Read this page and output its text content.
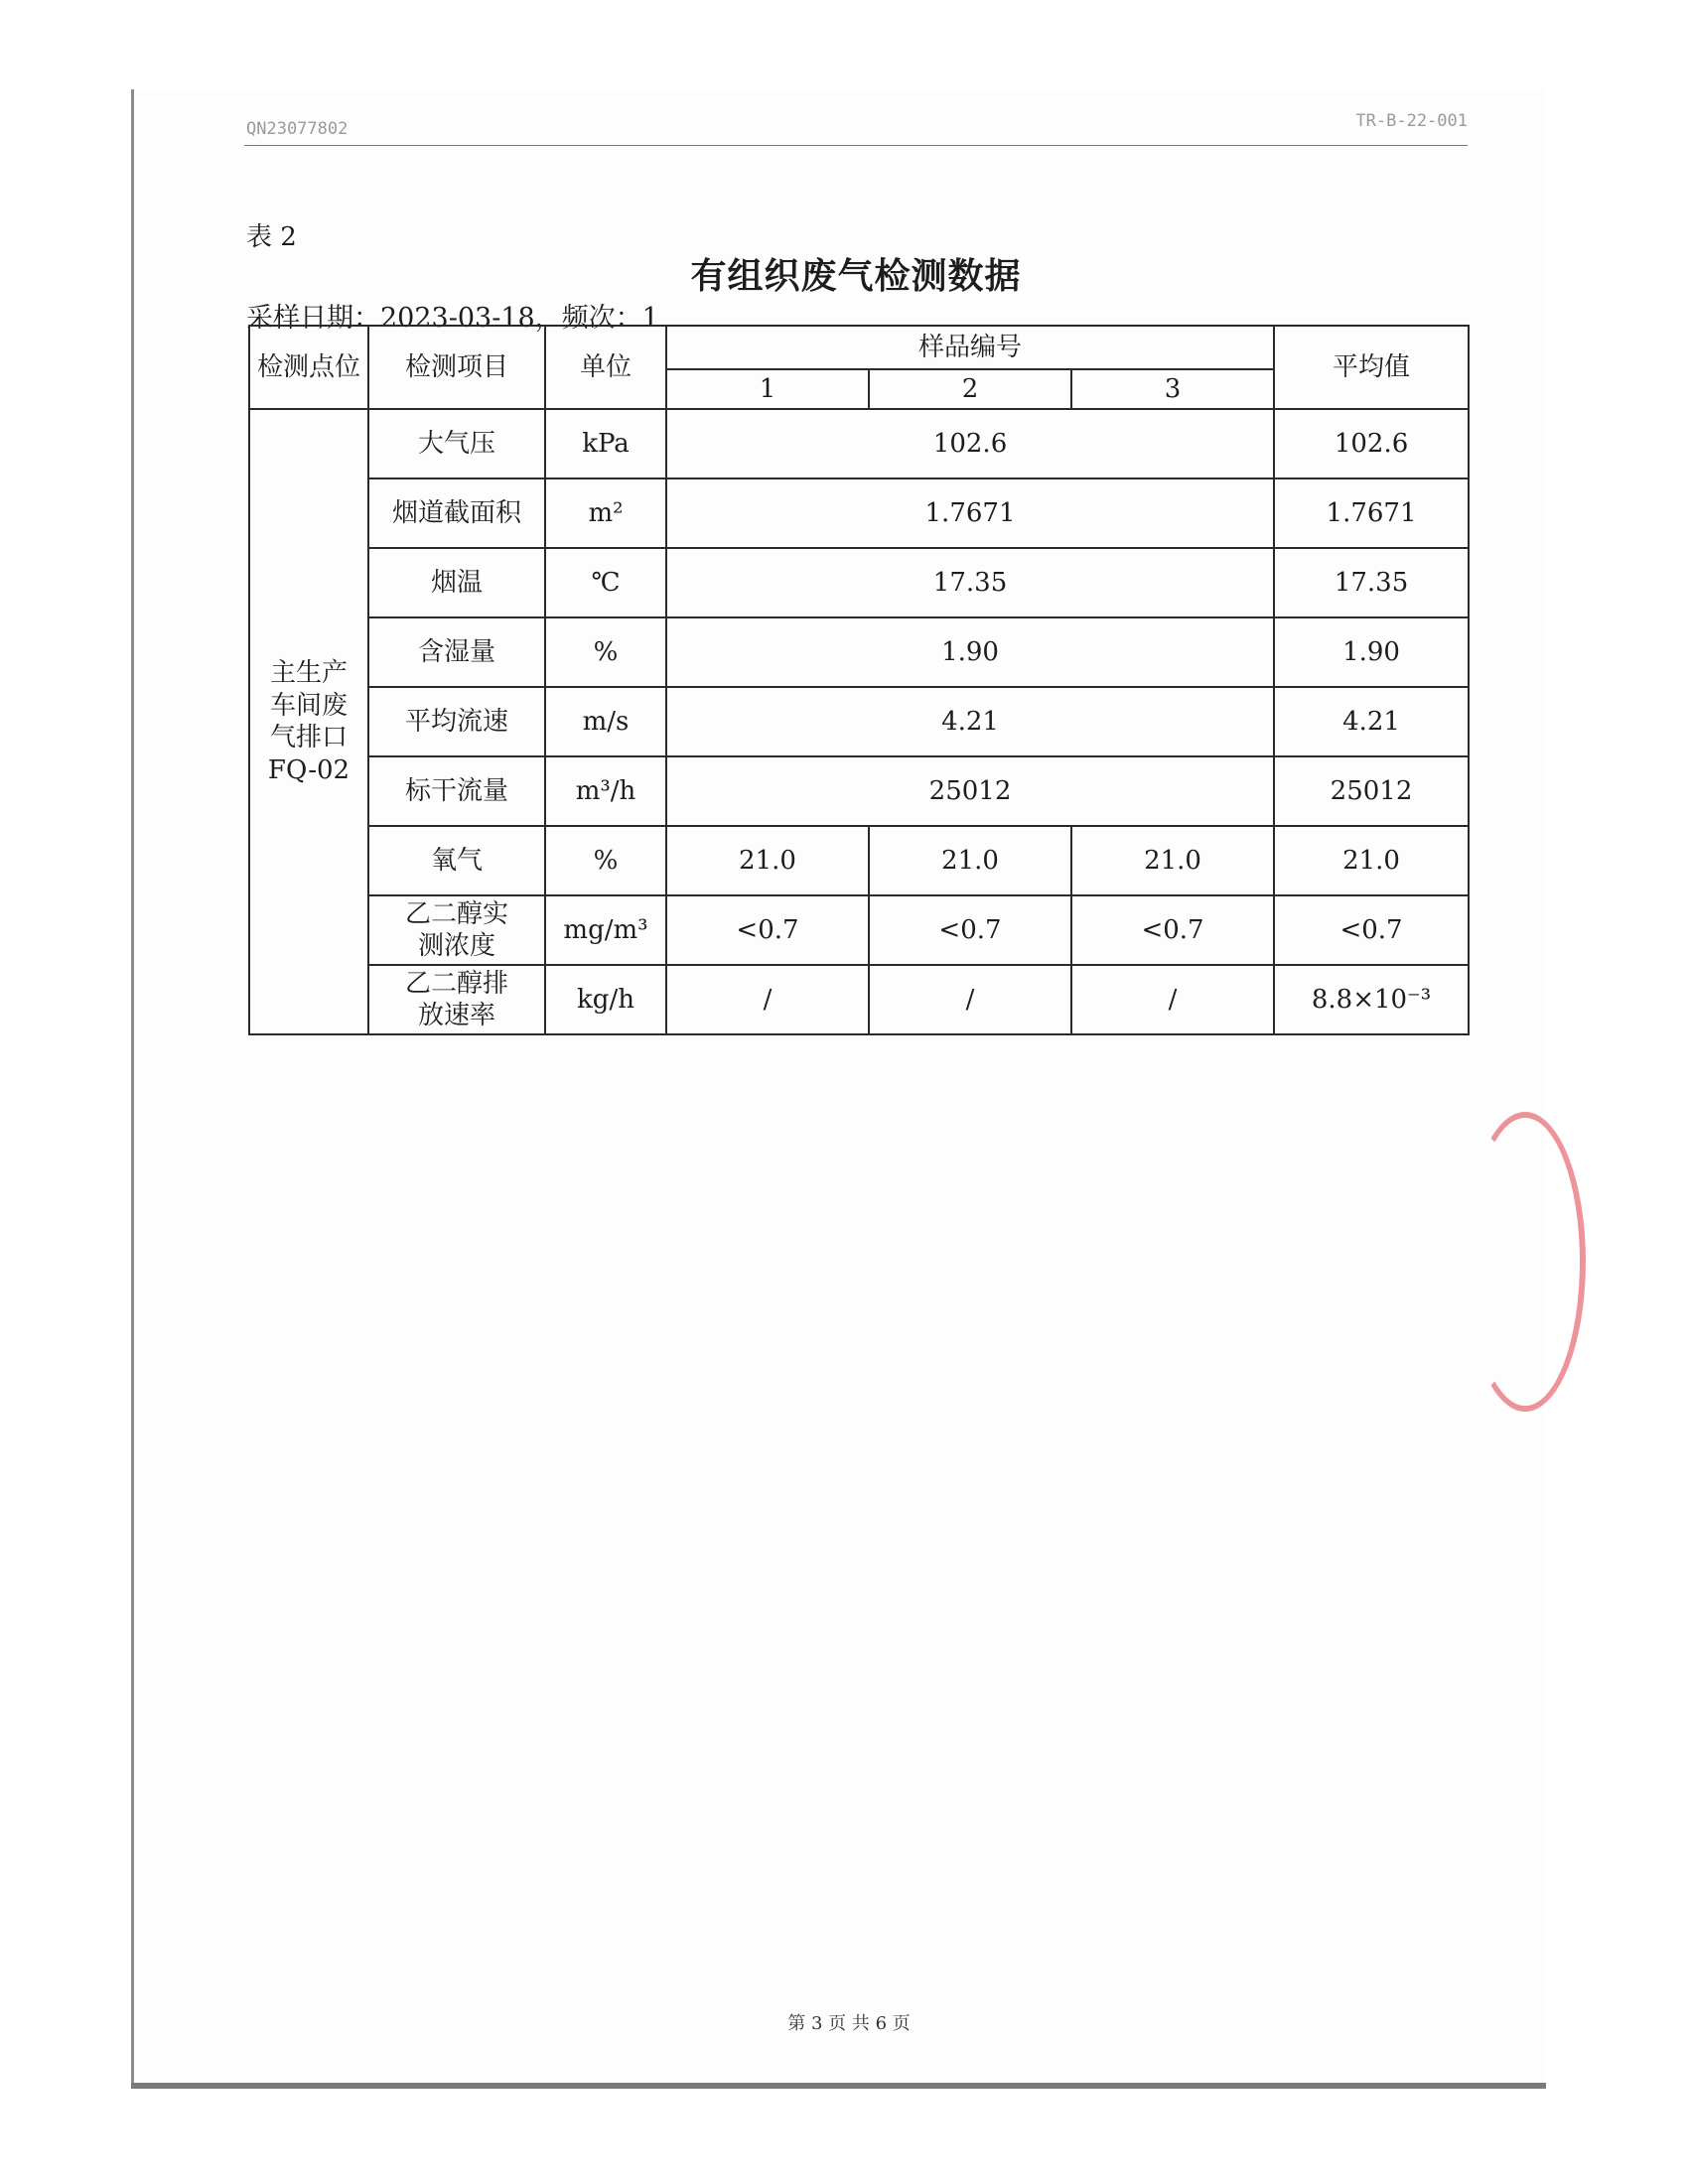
QN23077802	TR-B-22-001
表 2
有组织废气检测数据
采样日期：2023-03-18，频次：1
检测点位	检测项目	单位	样品编号			平均值
			1	2	3	
主生产车间废气排口FQ-02	大气压	kPa	102.6			102.6
	烟道截面积	m²	1.7671			1.7671
	烟温	℃	17.35			17.35
	含湿量	%	1.90			1.90
	平均流速	m/s	4.21			4.21
	标干流量	m³/h	25012			25012
	氧气	%	21.0	21.0	21.0	21.0
	乙二醇实测浓度	mg/m³	<0.7	<0.7	<0.7	<0.7
	乙二醇排放速率	kg/h	/	/	/	8.8×10⁻³
第 3 页 共 6 页
